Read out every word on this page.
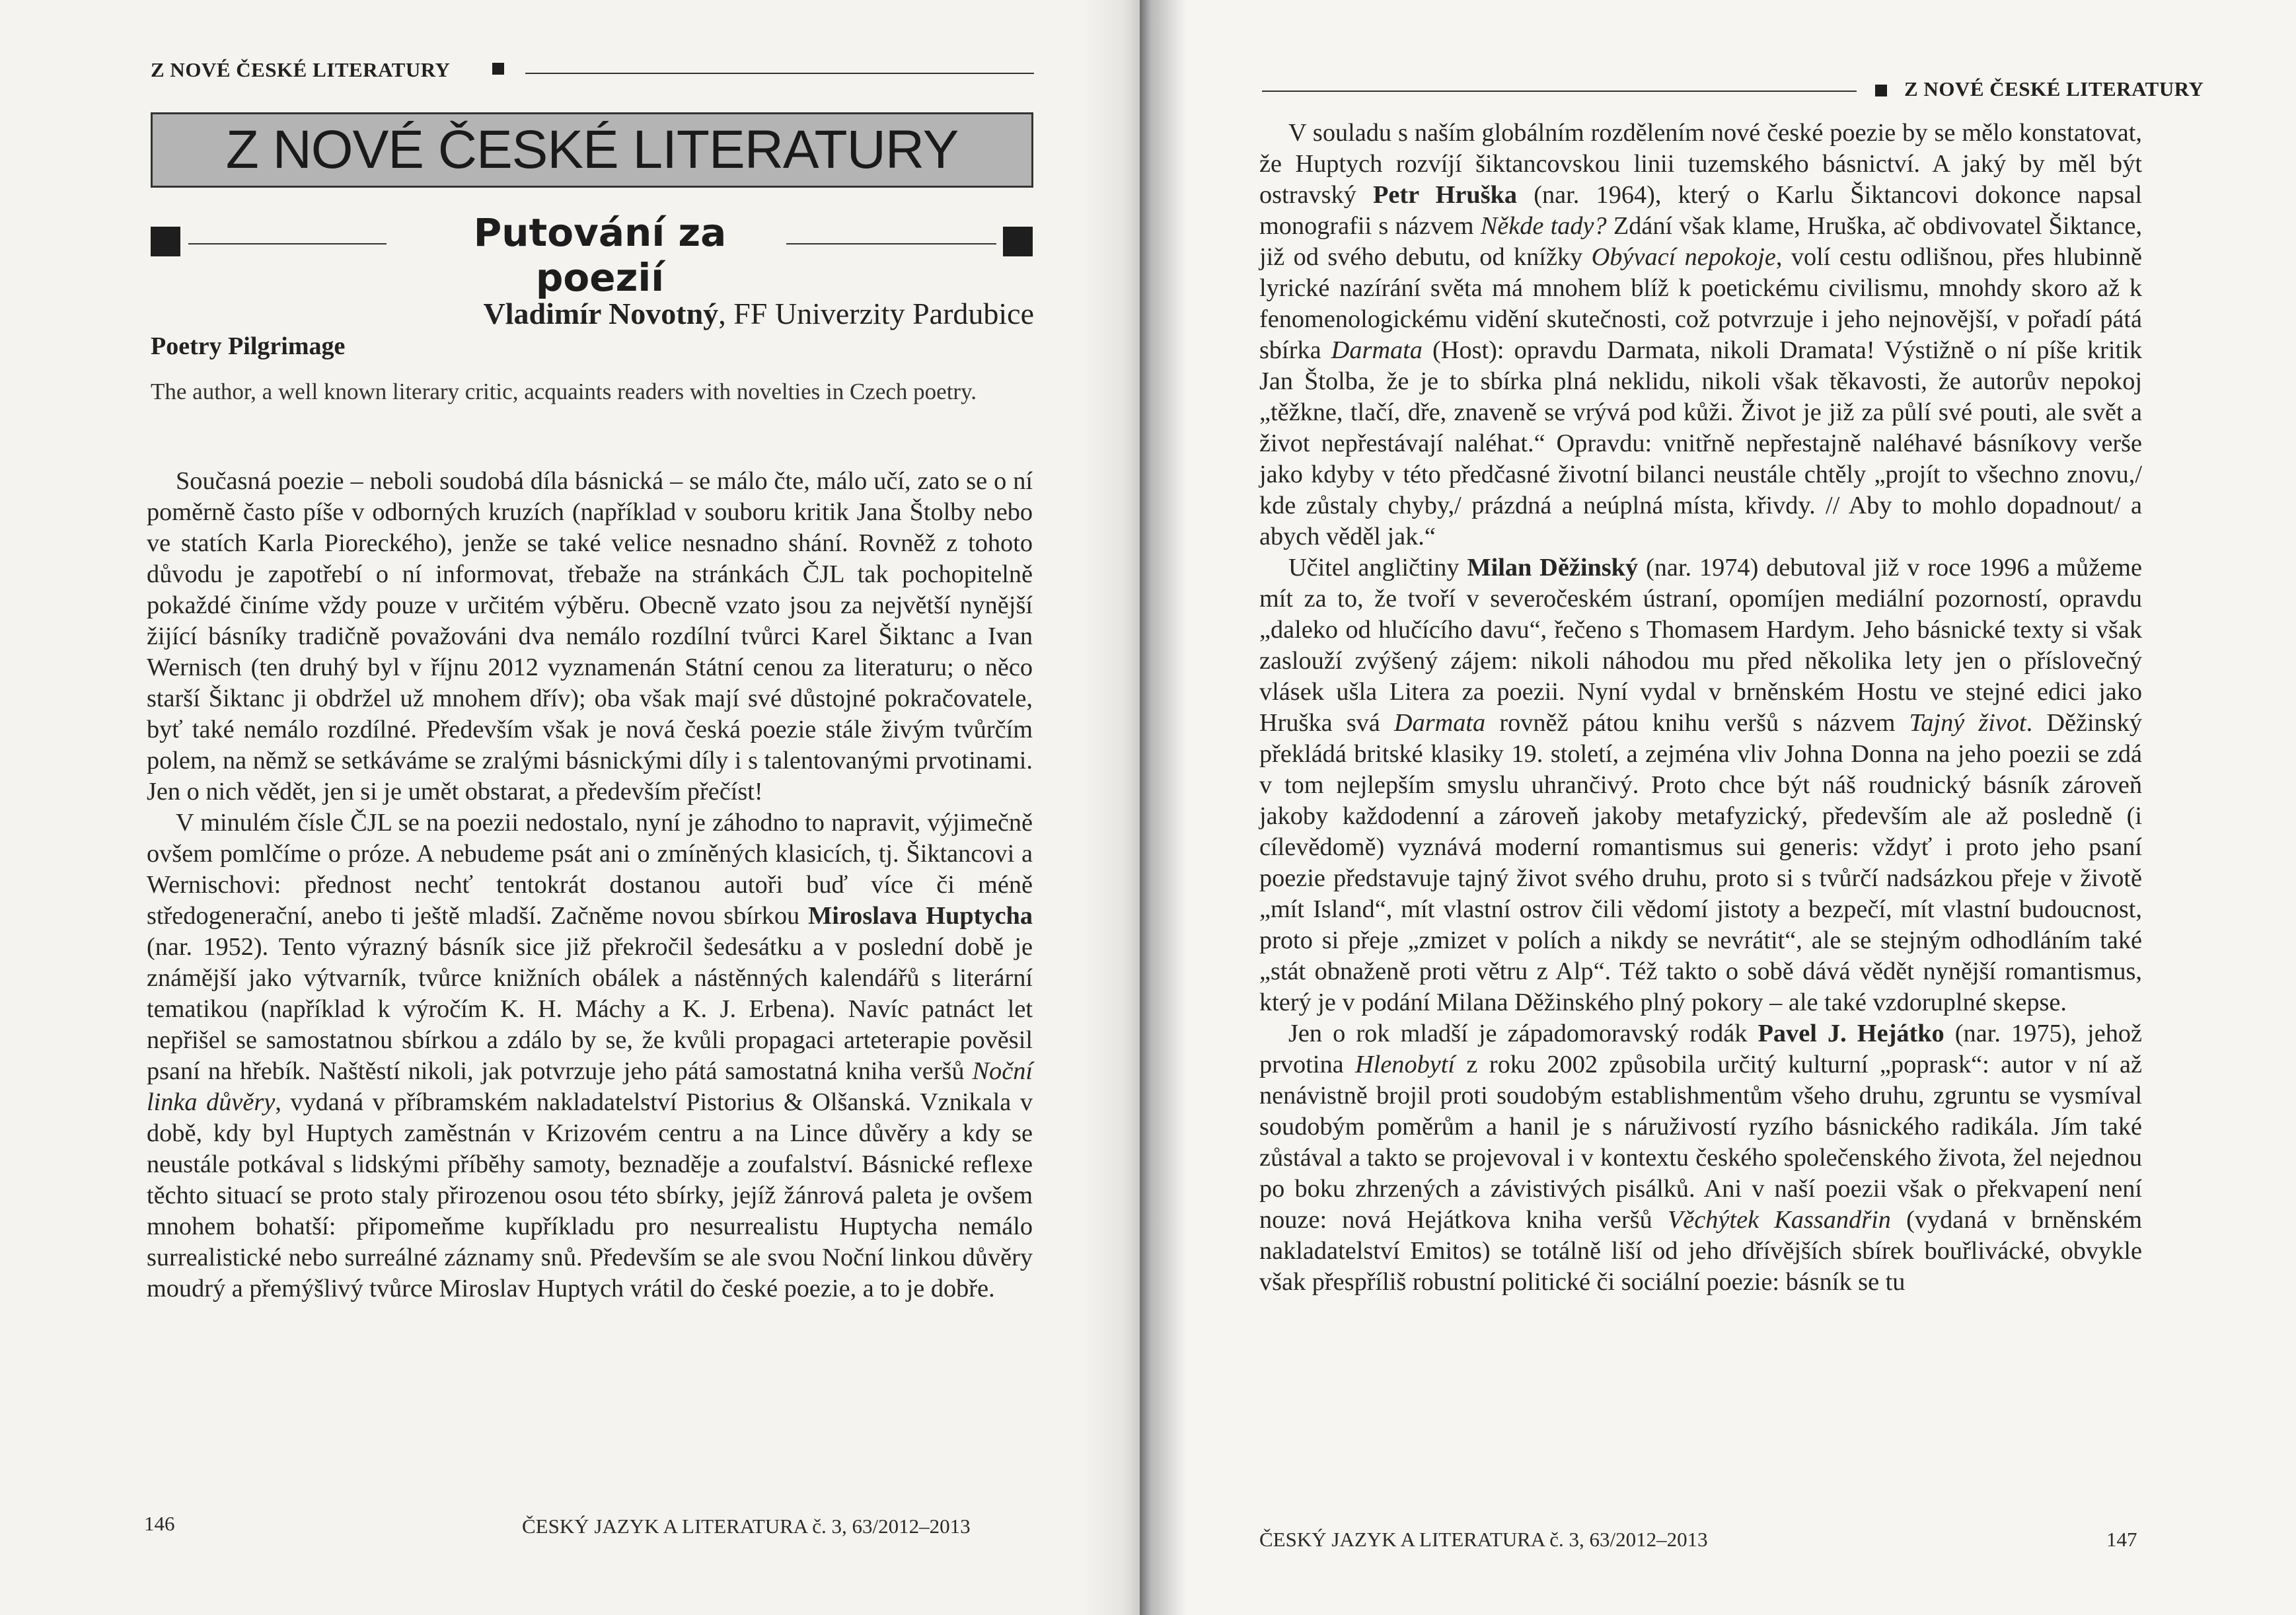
Z NOVÉ ČESKÉ LITERATURY
Z NOVÉ ČESKÉ LITERATURY
Putování za poezií
Vladimír Novotný, FF Univerzity Pardubice
Poetry Pilgrimage
The author, a well known literary critic, acquaints readers with novelties in Czech poetry.

Současná poezie – neboli soudobá díla básnická – se málo čte, málo učí, zato se o ní poměrně často píše v odborných kruzích (například v souboru kritik Jana Štolby nebo ve statích Karla Pioreckého), jenže se také velice nesnadno shání. Rovněž z tohoto důvodu je zapotřebí o ní informovat, třebaže na stránkách ČJL tak pochopitelně pokaždé činíme vždy pouze v určitém výběru. Obecně vzato jsou za největší nynější žijící básníky tradičně považováni dva nemálo rozdílní tvůrci Karel Šiktanc a Ivan Wernisch (ten druhý byl v říjnu 2012 vyznamenán Státní cenou za literaturu; o něco starší Šiktanc ji obdržel už mnohem dřív); oba však mají své důstojné pokračovatele, byť také nemálo rozdílné. Především však je nová česká poezie stále živým tvůrčím polem, na němž se setkáváme se zralými básnickými díly i s talentovanými prvotinami. Jen o nich vědět, jen si je umět obstarat, a především přečíst!

V minulém čísle ČJL se na poezii nedostalo, nyní je záhodno to napravit, výjimečně ovšem pomlčíme o próze. A nebudeme psát ani o zmíněných klasicích, tj. Šiktancovi a Wernischovi: přednost nechť tentokrát dostanou autoři buď více či méně středogenerační, anebo ti ještě mladší. Začněme novou sbírkou Miroslava Huptycha (nar. 1952). Tento výrazný básník sice již překročil šedesátku a v poslední době je známější jako výtvarník, tvůrce knižních obálek a nástěnných kalendářů s literární tematikou (například k výročím K. H. Máchy a K. J. Erbena). Navíc patnáct let nepřišel se samostatnou sbírkou a zdálo by se, že kvůli propagaci arteterapie pověsil psaní na hřebík. Naštěstí nikoli, jak potvrzuje jeho pátá samostatná kniha veršů Noční linka důvěry, vydaná v příbramském nakladatelství Pistorius & Olšanská. Vznikala v době, kdy byl Huptych zaměstnán v Krizovém centru a na Lince důvěry a kdy se neustále potkával s lidskými příběhy samoty, beznaděje a zoufalství. Básnické reflexe těchto situací se proto staly přirozenou osou této sbírky, jejíž žánrová paleta je ovšem mnohem bohatší: připomeňme kupříkladu pro nesurrealistu Huptycha nemálo surrealistické nebo surreálné záznamy snů. Především se ale svou Noční linkou důvěry moudrý a přemýšlivý tvůrce Miroslav Huptych vrátil do české poezie, a to je dobře.

146	ČESKÝ JAZYK A LITERATURA č. 3, 63/2012–2013
Z NOVÉ ČESKÉ LITERATURY

V souladu s naším globálním rozdělením nové české poezie by se mělo konstatovat, že Huptych rozvíjí šiktancovskou linii tuzemského básnictví. A jaký by měl být ostravský Petr Hruška (nar. 1964), který o Karlu Šiktancovi dokonce napsal monografii s názvem Někde tady? Zdání však klame, Hruška, ač obdivovatel Šiktance, již od svého debutu, od knížky Obývací nepokoje, volí cestu odlišnou, přes hlubinně lyrické nazírání světa má mnohem blíž k poetickému civilismu, mnohdy skoro až k fenomenologickému vidění skutečnosti, což potvrzuje i jeho nejnovější, v pořadí pátá sbírka Darmata (Host): opravdu Darmata, nikoli Dramata! Výstižně o ní píše kritik Jan Štolba, že je to sbírka plná neklidu, nikoli však těkavosti, že autorův nepokoj „těžkne, tlačí, dře, znaveně se vrývá pod kůži. Život je již za půlí své pouti, ale svět a život nepřestávají naléhat.“ Opravdu: vnitřně nepřestajně naléhavé básníkovy verše jako kdyby v této předčasné životní bilanci neustále chtěly „projít to všechno znovu,/ kde zůstaly chyby,/ prázdná a neúplná místa, křivdy. // Aby to mohlo dopadnout/ a abych věděl jak.“

Učitel angličtiny Milan Děžinský (nar. 1974) debutoval již v roce 1996 a můžeme mít za to, že tvoří v severočeském ústraní, opomíjen mediální pozorností, opravdu „daleko od hlučícího davu“, řečeno s Thomasem Hardym. Jeho básnické texty si však zaslouží zvýšený zájem: nikoli náhodou mu před několika lety jen o příslovečný vlásek ušla Litera za poezii. Nyní vydal v brněnském Hostu ve stejné edici jako Hruška svá Darmata rovněž pátou knihu veršů s názvem Tajný život. Děžinský překládá britské klasiky 19. století, a zejména vliv Johna Donna na jeho poezii se zdá v tom nejlepším smyslu uhrančivý. Proto chce být náš roudnický básník zároveň jakoby každodenní a zároveň jakoby metafyzický, především ale až posledně (i cílevědomě) vyznává moderní romantismus sui generis: vždyť i proto jeho psaní poezie představuje tajný život svého druhu, proto si s tvůrčí nadsázkou přeje v životě „mít Island“, mít vlastní ostrov čili vědomí jistoty a bezpečí, mít vlastní budoucnost, proto si přeje „zmizet v polích a nikdy se nevrátit“, ale se stejným odhodláním také „stát obnaženě proti větru z Alp“. Též takto o sobě dává vědět nynější romantismus, který je v podání Milana Děžinského plný pokory – ale také vzdoruplné skepse.

Jen o rok mladší je západomoravský rodák Pavel J. Hejátko (nar. 1975), jehož prvotina Hlenobytí z roku 2002 způsobila určitý kulturní „poprask“: autor v ní až nenávistně brojil proti soudobým establishmentům všeho druhu, zgruntu se vysmíval soudobým poměrům a hanil je s náruživostí ryzího básnického radikála. Jím také zůstával a takto se projevoval i v kontextu českého společenského života, žel nejednou po boku zhrzených a závistivých pisálků. Ani v naší poezii však o překvapení není nouze: nová Hejátkova kniha veršů Věchýtek Kassandřin (vydaná v brněnském nakladatelství Emitos) se totálně liší od jeho dřívějších sbírek bouřlivácké, obvykle však přespříliš robustní politické či sociální poezie: básník se tu

ČESKÝ JAZYK A LITERATURA č. 3, 63/2012–2013	147
